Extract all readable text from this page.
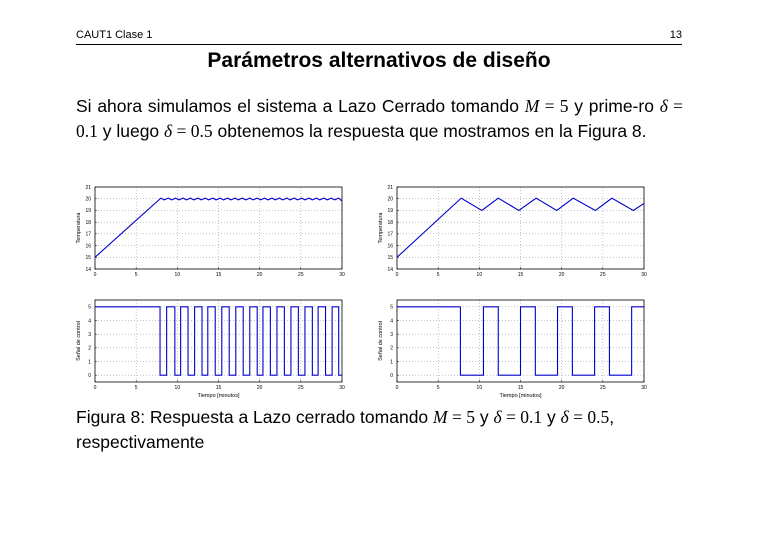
CAUT1 Clase 1	13
Parámetros alternativos de diseño
Si ahora simulamos el sistema a Lazo Cerrado tomando M = 5 y prime-ro δ = 0.1 y luego δ = 0.5 obtenemos la respuesta que mostramos en la Figura 8.
0	5	10	15	20	25	30
14
15
16
17
18
19
20
21
Temperatura
0	5	10	15	20	25	30
14
15
16
17
18
19
20
21
Temperatura
0	5	10	15	20	25	30
0
1
2
3
4
5
Señal de control
Tiempo [minutos]
0	5	10	15	20	25	30
0
1
2
3
4
5
Señal de control
Tiempo [minutos]
Figura 8: Respuesta a Lazo cerrado tomando M = 5 y δ = 0.1 y δ = 0.5, respectivamente
